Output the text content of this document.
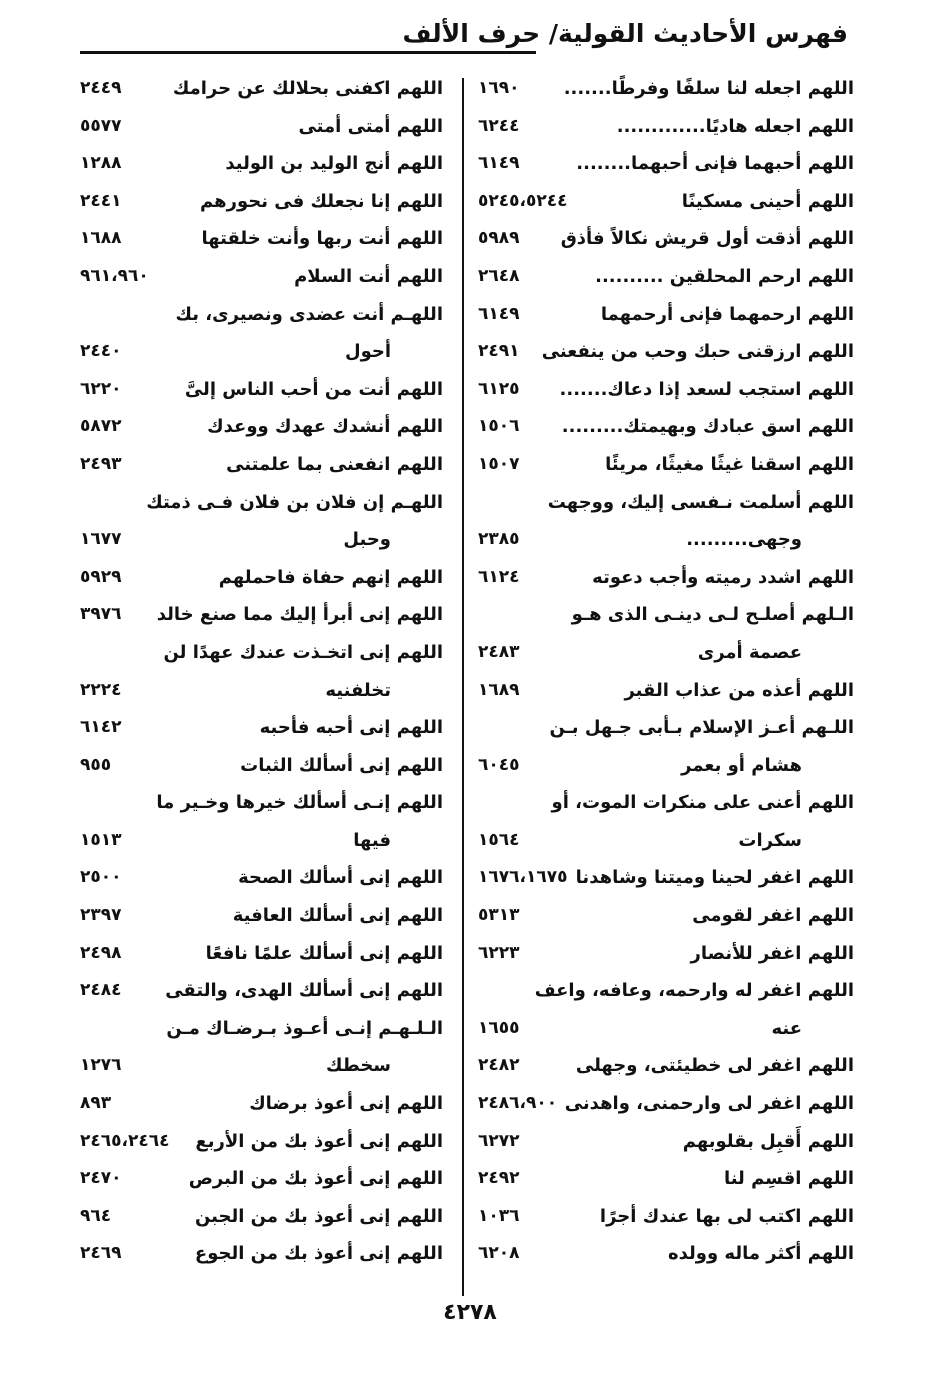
فهرس الأحاديث القولية/ حرف الألف
اللهم اجعله لنا سلفًا وفرطًا.......
١٦٩٠
اللهم اجعله هاديًا.............
٦٢٤٤
اللهم أحبهما فإنى أحبهما........
٦١٤٩
اللهم أحينى مسكينًا
٥٢٤٥،٥٢٤٤
اللهم أذقت أول قريش نكالاً فأذق
٥٩٨٩
اللهم ارحم المحلقين ..........
٢٦٤٨
اللهم ارحمهما فإنى أرحمهما
٦١٤٩
اللهم ارزقنى حبك وحب من ينفعنى
٢٤٩١
اللهم استجب لسعد إذا دعاك.......
٦١٢٥
اللهم اسق عبادك وبهيمتك.........
١٥٠٦
اللهم اسقنا غيثًا مغيثًا، مريئًا
١٥٠٧
اللهم أسلمت نـفسى إليك، ووجهت
وجهى.........
٢٣٨٥
اللهم اشدد رميته وأجب دعوته
٦١٢٤
الـلهم أصلـح لـى دينـى الذى هـو
عصمة أمرى
٢٤٨٣
اللهم أعذه من عذاب القبر
١٦٨٩
اللـهم أعـز الإسلام بـأبى جـهل بـن
هشام أو بعمر
٦٠٤٥
اللهم أعنى على منكرات الموت، أو
سكرات
١٥٦٤
اللهم اغفر لحينا وميتنا وشاهدنا
١٦٧٦،١٦٧٥
اللهم اغفر لقومى
٥٣١٣
اللهم اغفر للأنصار
٦٢٢٣
اللهم اغفر له وارحمه، وعافه، واعف
عنه
١٦٥٥
اللهم اغفر لى خطيئتى، وجهلى
٢٤٨٢
اللهم اغفر لى وارحمنى، واهدنى
٢٤٨٦،٩٠٠
اللهم أَقبِل بقلوبهم
٦٢٧٢
اللهم اقسِم لنا
٢٤٩٢
اللهم اكتب لى بها عندك أجرًا
١٠٣٦
اللهم أكثر ماله وولده
٦٢٠٨
اللهم اكفنى بحلالك عن حرامك
٢٤٤٩
اللهم أمتى أمتى
٥٥٧٧
اللهم أنج الوليد بن الوليد
١٢٨٨
اللهم إنا نجعلك فى نحورهم
٢٤٤١
اللهم أنت ربها وأنت خلقتها
١٦٨٨
اللهم أنت السلام
٩٦١،٩٦٠
اللهـم أنت عضدى ونصيرى، بك
أحول
٢٤٤٠
اللهم أنت من أحب الناس إلىَّ
٦٢٢٠
اللهم أنشدك عهدك ووعدك
٥٨٧٢
اللهم انفعنى بما علمتنى
٢٤٩٣
اللهـم إن فلان بن فلان فـى ذمتك
وحبل
١٦٧٧
اللهم إنهم حفاة فاحملهم
٥٩٢٩
اللهم إنى أبرأ إليك مما صنع خالد
٣٩٧٦
اللهم إنى اتخـذت عندك عهدًا لن
تخلفنيه
٢٢٢٤
اللهم إنى أحبه فأحبه
٦١٤٢
اللهم إنى أسألك الثبات
٩٥٥
اللهم إنـى أسألك خيرها وخـير ما
فيها
١٥١٣
اللهم إنى أسألك الصحة
٢٥٠٠
اللهم إنى أسألك العافية
٢٣٩٧
اللهم إنى أسألك علمًا نافعًا
٢٤٩٨
اللهم إنى أسألك الهدى، والتقى
٢٤٨٤
الـلـهـم إنـى أعـوذ بـرضـاك مـن
سخطك
١٢٧٦
اللهم إنى أعوذ برضاك
٨٩٣
اللهم إنى أعوذ بك من الأربع
٢٤٦٥،٢٤٦٤
اللهم إنى أعوذ بك من البرص
٢٤٧٠
اللهم إنى أعوذ بك من الجبن
٩٦٤
اللهم إنى أعوذ بك من الجوع
٢٤٦٩
٤٢٧٨
